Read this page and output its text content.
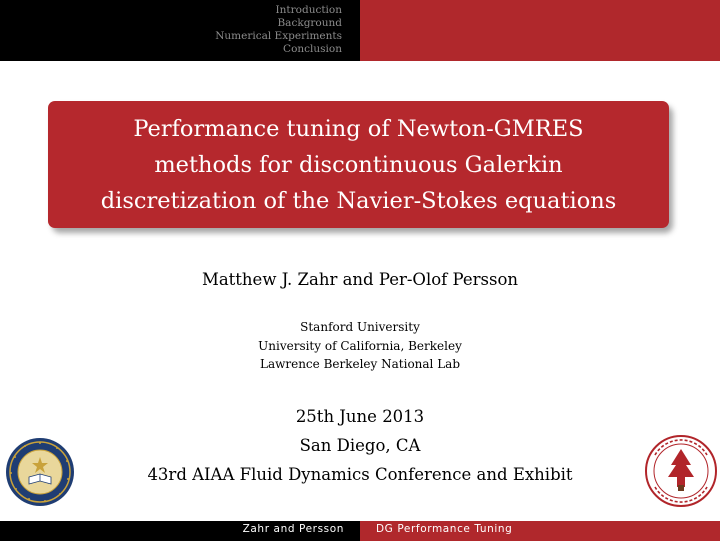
Introduction
Background
Numerical Experiments
Conclusion
Performance tuning of Newton-GMRES
methods for discontinuous Galerkin
discretization of the Navier-Stokes equations
Matthew J. Zahr and Per-Olof Persson
Stanford University
University of California, Berkeley
Lawrence Berkeley National Lab
25th June 2013
San Diego, CA
43rd AIAA Fluid Dynamics Conference and Exhibit
Zahr and Persson	DG Performance Tuning
